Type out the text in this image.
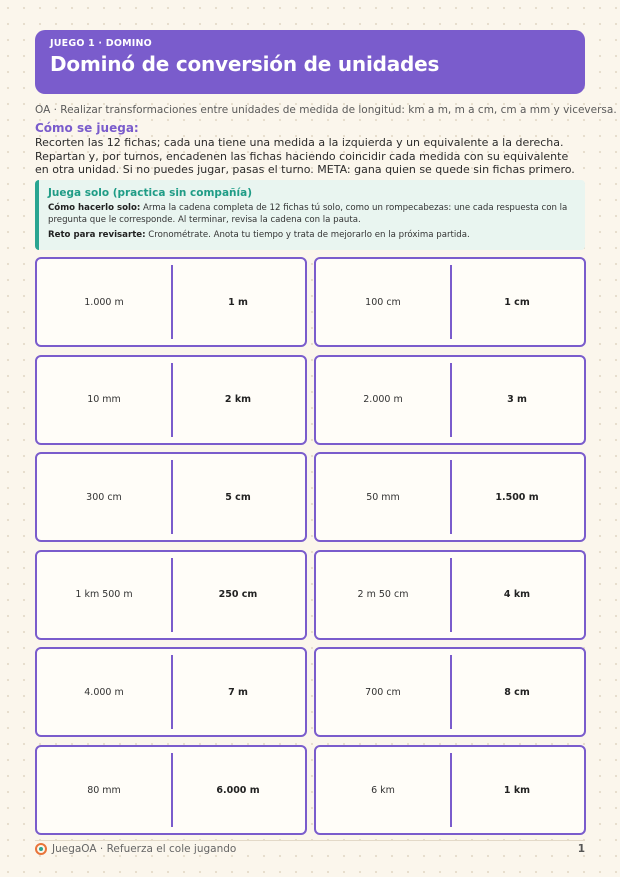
JUEGO 1 · DOMINO
Dominó de conversión de unidades
OA · Realizar transformaciones entre unidades de medida de longitud: km a m, m a cm, cm a mm y viceversa.
Cómo se juega:
Recorten las 12 fichas; cada una tiene una medida a la izquierda y un equivalente a la derecha. Repartan y, por turnos, encadenen las fichas haciendo coincidir cada medida con su equivalente en otra unidad. Si no puedes jugar, pasas el turno. META: gana quien se quede sin fichas primero.
Juega solo (practica sin compañía)

Cómo hacerlo solo: Arma la cadena completa de 12 fichas tú solo, como un rompecabezas: une cada respuesta con la pregunta que le corresponde. Al terminar, revisa la cadena con la pauta.

Reto para revisarte: Cronométrate. Anota tu tiempo y trata de mejorarlo en la próxima partida.

1.000 m	1 m	100 cm	1 cm
10 mm	2 km	2.000 m	3 m
300 cm	5 cm	50 mm	1.500 m
1 km 500 m	250 cm	2 m 50 cm	4 km
4.000 m	7 m	700 cm	8 cm
80 mm	6.000 m	6 km	1 km
JuegaOA · Refuerza el cole jugando	1
